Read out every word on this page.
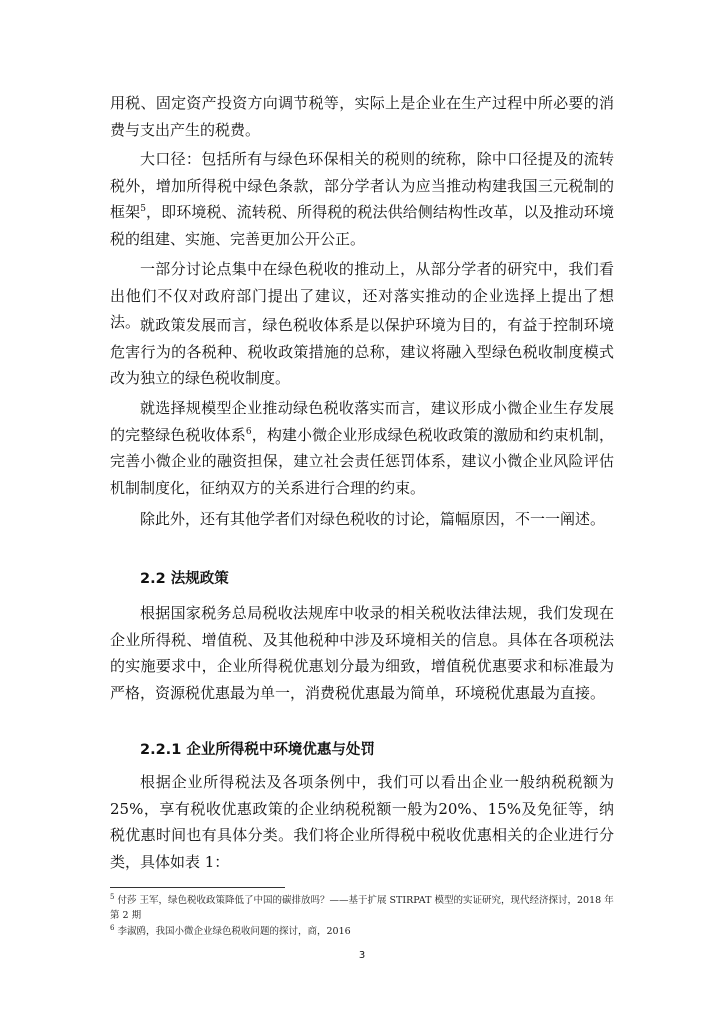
用税、固定资产投资方向调节税等，实际上是企业在生产过程中所必要的消费与支出产生的税费。

大口径：包括所有与绿色环保相关的税则的统称，除中口径提及的流转税外，增加所得税中绿色条款，部分学者认为应当推动构建我国三元税制的框架$^5$，即环境税、流转税、所得税的税法供给侧结构性改革，以及推动环境税的组建、实施、完善更加公开公正。

一部分讨论点集中在绿色税收的推动上，从部分学者的研究中，我们看出他们不仅对政府部门提出了建议，还对落实推动的企业选择上提出了想法。 就政策发展而言，绿色税收体系是以保护环境为目的，有益于控制环境危害行为的各税种、税收政策措施的总称，建议将融入型绿色税收制度模式改为独立的绿色税收制度。

就选择规模型企业推动绿色税收落实而言，建议形成小微企业生存发展的完整绿色税收体系$^6$，构建小微企业形成绿色税收政策的激励和约束机制，完善小微企业的融资担保，建立社会责任惩罚体系，建议小微企业风险评估机制制度化，征纳双方的关系进行合理的约束。

除此外，还有其他学者们对绿色税收的讨论，篇幅原因，不一一阐述。

2.2 法规政策

根据国家税务总局税收法规库中收录的相关税收法律法规，我们发现在企业所得税、增值税、及其他税种中涉及环境相关的信息。具体在各项税法的实施要求中，企业所得税优惠划分最为细致，增值税优惠要求和标准最为严格，资源税优惠最为单一，消费税优惠最为简单，环境税优惠最为直接。

2.2.1 企业所得税中环境优惠与处罚

根据企业所得税法及各项条例中，我们可以看出企业一般纳税税额为25%，享有税收优惠政策的企业纳税税额一般为20%、15%及免征等，纳税优惠时间也有具体分类。我们将企业所得税中税收优惠相关的企业进行分类，具体如表 1：

$^5$ 付莎 王军，绿色税收政策降低了中国的碳排放吗？——基于扩展 STIRPAT 模型的实证研究，现代经济探讨，2018 年第 2 期

$^6$ 李淑鸥，我国小微企业绿色税收问题的探讨，商，2016

3
